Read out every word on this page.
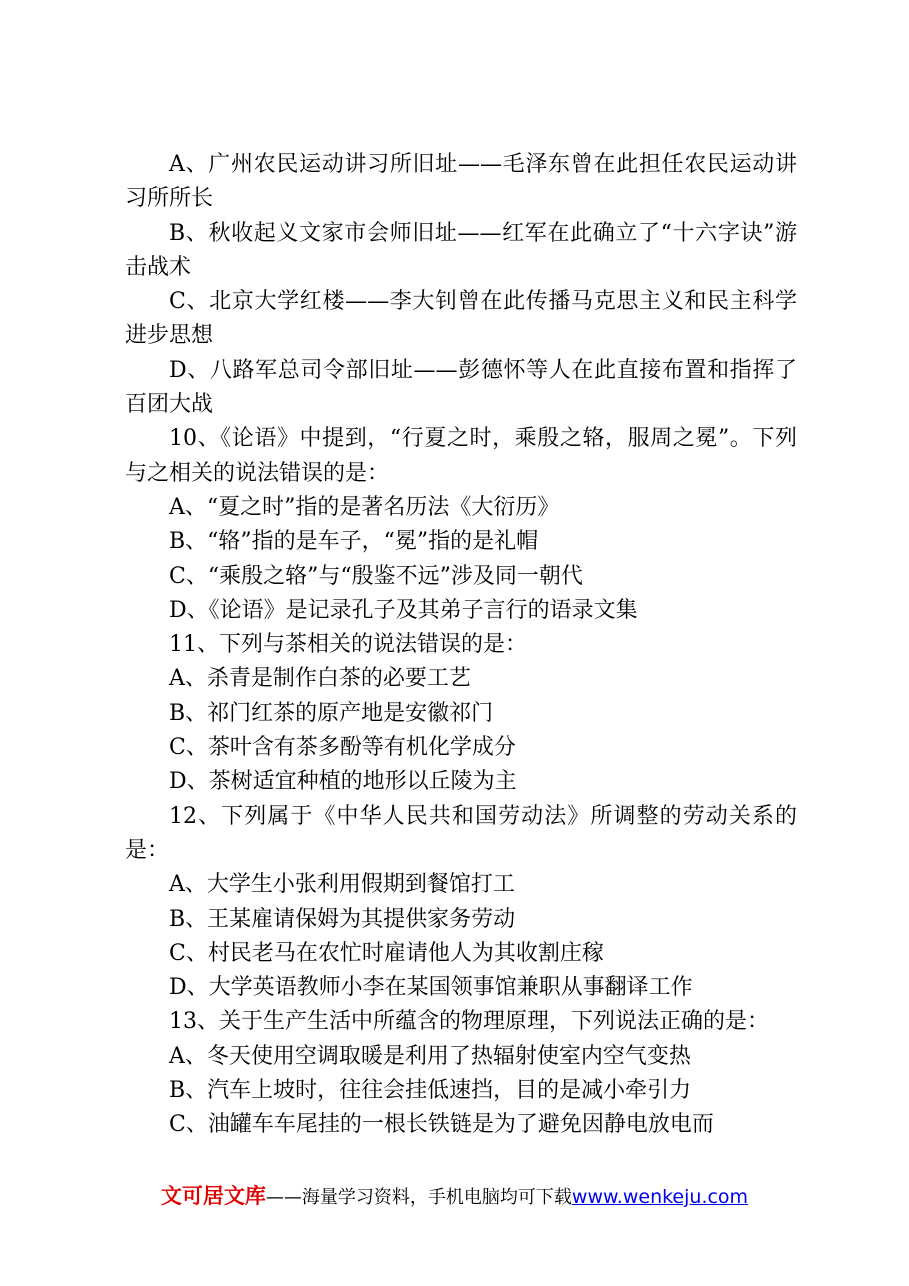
A、广州农民运动讲习所旧址——毛泽东曾在此担任农民运动讲习所所长

B、秋收起义文家市会师旧址——红军在此确立了“十六字诀”游击战术

C、北京大学红楼——李大钊曾在此传播马克思主义和民主科学进步思想

D、八路军总司令部旧址——彭德怀等人在此直接布置和指挥了百团大战

10、《论语》中提到，“行夏之时，乘殷之辂，服周之冕”。下列与之相关的说法错误的是：

A、“夏之时”指的是著名历法《大衍历》

B、“辂”指的是车子，“冕”指的是礼帽

C、“乘殷之辂”与“殷鉴不远”涉及同一朝代

D、《论语》是记录孔子及其弟子言行的语录文集

11、下列与茶相关的说法错误的是：

A、杀青是制作白茶的必要工艺

B、祁门红茶的原产地是安徽祁门

C、茶叶含有茶多酚等有机化学成分

D、茶树适宜种植的地形以丘陵为主

12、下列属于《中华人民共和国劳动法》所调整的劳动关系的是：

A、大学生小张利用假期到餐馆打工

B、王某雇请保姆为其提供家务劳动

C、村民老马在农忙时雇请他人为其收割庄稼

D、大学英语教师小李在某国领事馆兼职从事翻译工作

13、关于生产生活中所蕴含的物理原理，下列说法正确的是：

A、冬天使用空调取暖是利用了热辐射使室内空气变热

B、汽车上坡时，往往会挂低速挡，目的是减小牵引力

C、油罐车车尾挂的一根长铁链是为了避免因静电放电而

文可居文库——海量学习资料，手机电脑均可下载www.wenkeju.com
